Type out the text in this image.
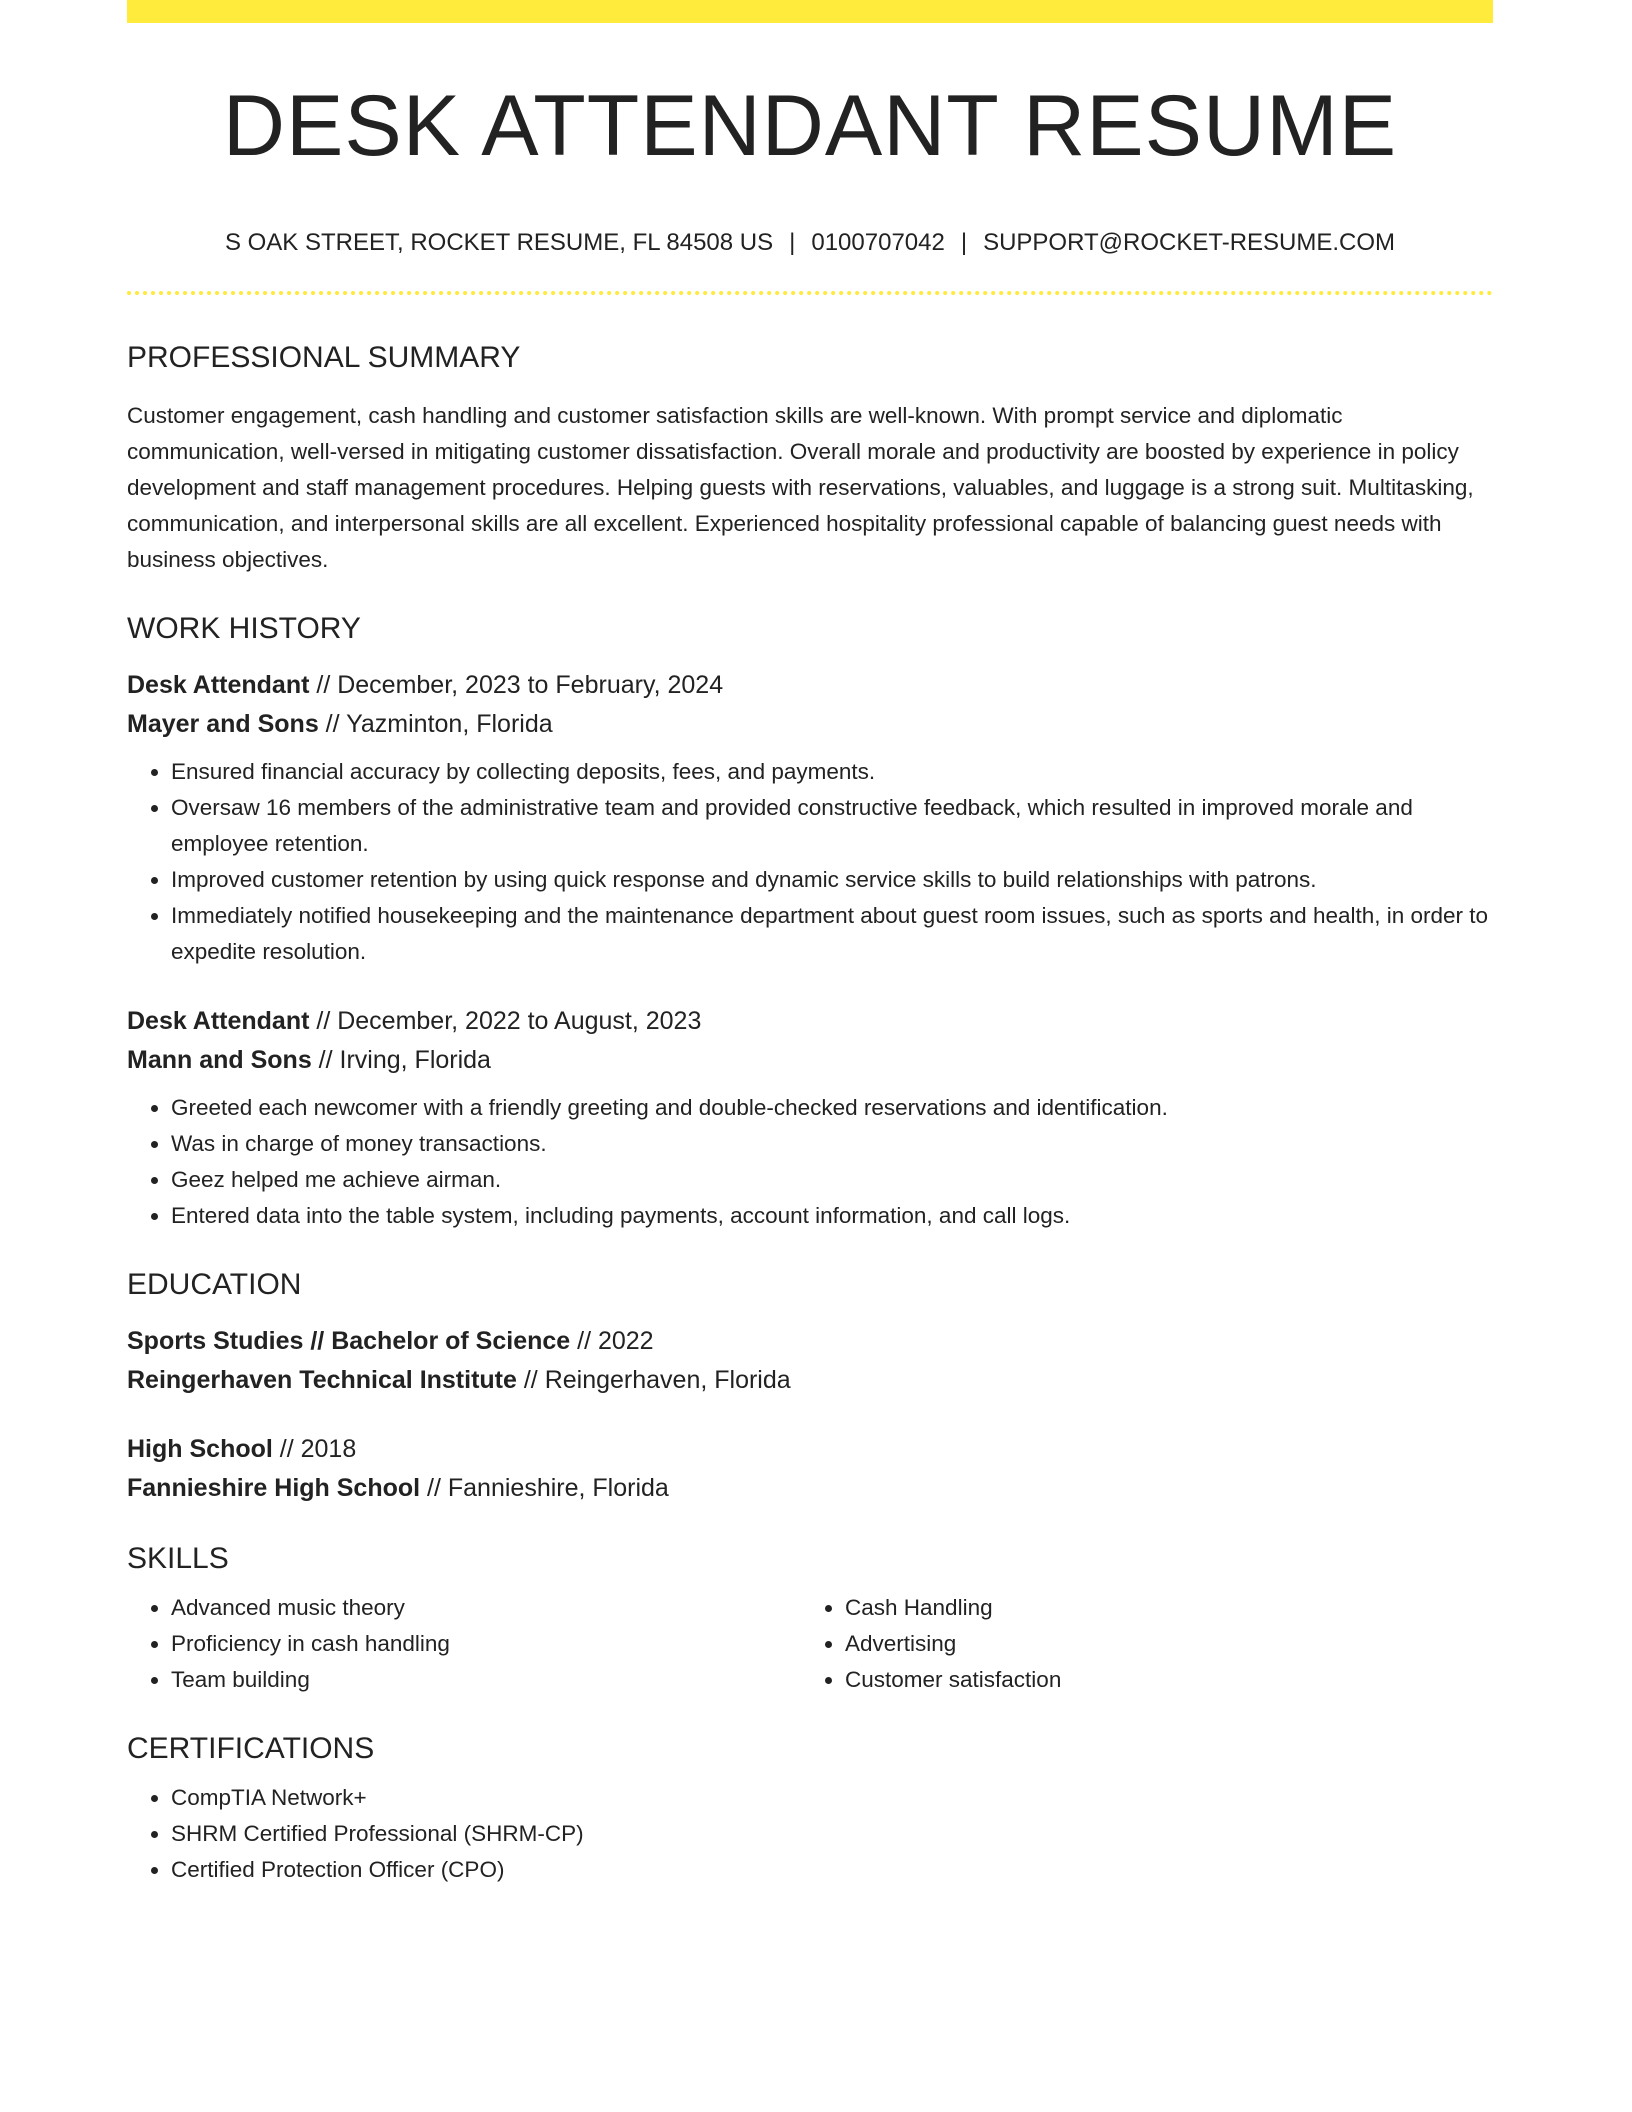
DESK ATTENDANT RESUME
S OAK STREET, ROCKET RESUME, FL 84508 US | 0100707042 | SUPPORT@ROCKET-RESUME.COM
PROFESSIONAL SUMMARY

Customer engagement, cash handling and customer satisfaction skills are well-known. With prompt service and diplomatic communication, well-versed in mitigating customer dissatisfaction. Overall morale and productivity are boosted by experience in policy development and staff management procedures. Helping guests with reservations, valuables, and luggage is a strong suit. Multitasking, communication, and interpersonal skills are all excellent. Experienced hospitality professional capable of balancing guest needs with business objectives.

WORK HISTORY
Desk Attendant // December, 2023 to February, 2024
Mayer and Sons // Yazminton, Florida
• Ensured financial accuracy by collecting deposits, fees, and payments.
• Oversaw 16 members of the administrative team and provided constructive feedback, which resulted in improved morale and employee retention.
• Improved customer retention by using quick response and dynamic service skills to build relationships with patrons.
• Immediately notified housekeeping and the maintenance department about guest room issues, such as sports and health, in order to expedite resolution.
Desk Attendant // December, 2022 to August, 2023
Mann and Sons // Irving, Florida
• Greeted each newcomer with a friendly greeting and double-checked reservations and identification.
• Was in charge of money transactions.
• Geez helped me achieve airman.
• Entered data into the table system, including payments, account information, and call logs.
EDUCATION
Sports Studies // Bachelor of Science // 2022
Reingerhaven Technical Institute // Reingerhaven, Florida
High School // 2018
Fannieshire High School // Fannieshire, Florida
SKILLS
• Advanced music theory
• Proficiency in cash handling
• Team building
• Cash Handling
• Advertising
• Customer satisfaction
CERTIFICATIONS
• CompTIA Network+
• SHRM Certified Professional (SHRM-CP)
• Certified Protection Officer (CPO)
